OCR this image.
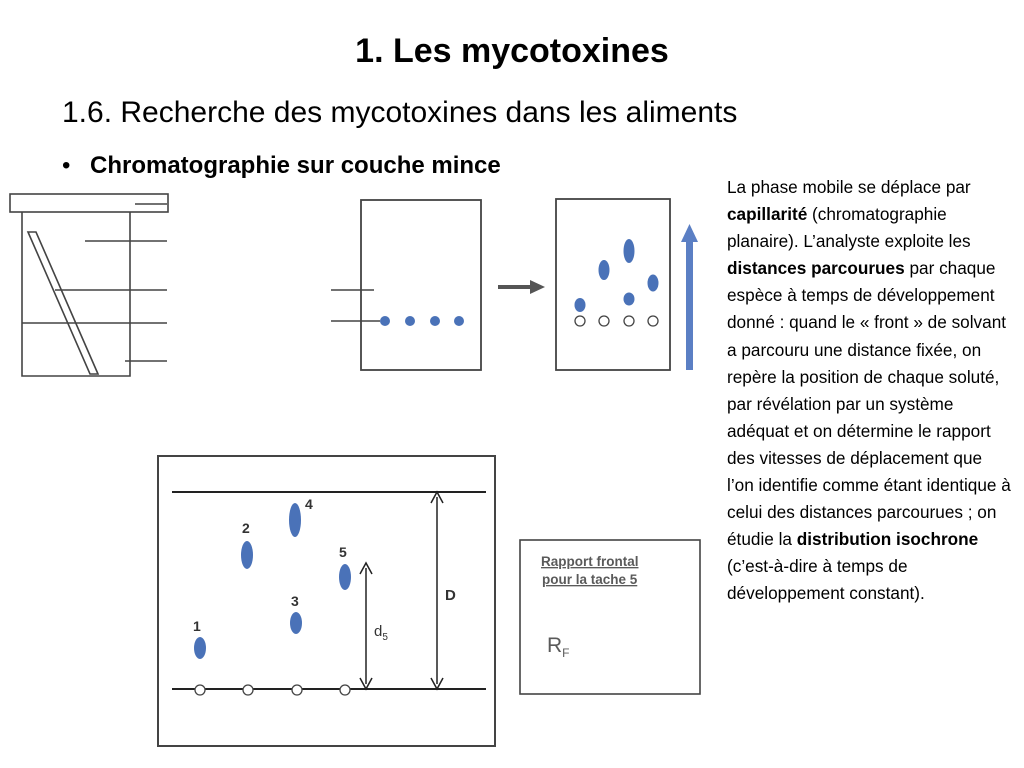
1. Les mycotoxines
1.6. Recherche des mycotoxines dans les aliments
• Chromatographie sur couche mince
La phase mobile se déplace par capillarité (chromatographie planaire). L’analyste exploite les distances parcourues par chaque espèce à temps de développement donné : quand le « front » de solvant a parcouru une distance fixée, on repère la position de chaque soluté, par révélation par un système adéquat et on détermine le rapport des vitesses de déplacement que l’on identifie comme étant identique à celui des distances parcourues ; on étudie la distribution isochrone (c’est-à-dire à temps de développement constant).
1
2
3
4
5
$d_5$
D
Rapport frontal
pour la tache 5
$R_F$
